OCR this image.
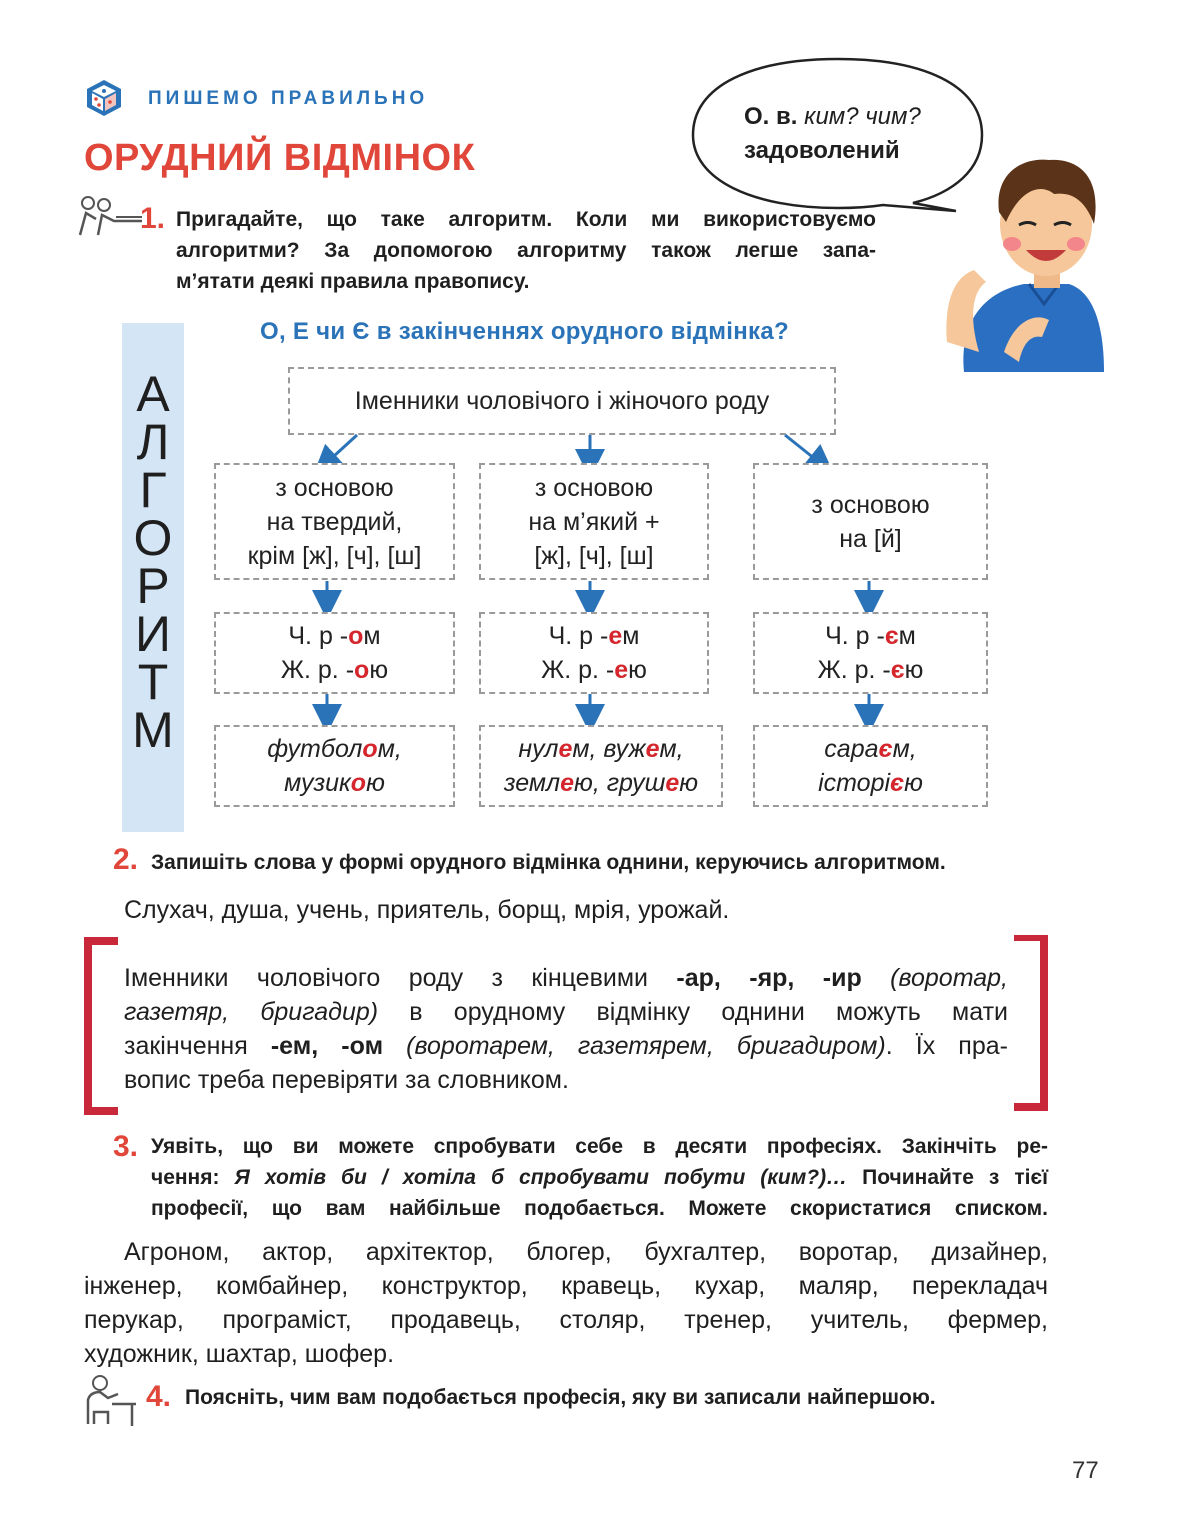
ПИШЕМО ПРАВИЛЬНО
ОРУДНИЙ ВІДМІНОК
О. в. ким? чим?
задоволений
1. Пригадайте, що таке алгоритм. Коли ми використовуємо
алгоритми? За допомогою алгоритму також легше запа-
м’ятати деякі правила правопису.
А
Л
Г
О
Р
И
Т
М
О, Е чи Є в закінченнях орудного відмінка?
Іменники чоловічого і жіночого роду
з основою
на твердий,
крім [ж], [ч], [ш]
з основою
на м’який +
[ж], [ч], [ш]
з основою
на [й]
Ч. р -ом
Ж. р. -ою
Ч. р -ем
Ж. р. -ею
Ч. р -єм
Ж. р. -єю
футболом,
музикою
нулем, вужем,
землею, грушею
сараєм,
історією
2. Запишіть слова у формі орудного відмінка однини, керуючись алгоритмом.
Слухач, душа, учень, приятель, борщ, мрія, урожай.
Іменники чоловічого роду з кінцевими -ар, -яр, -ир (воротар,
газетяр, бригадир) в орудному відмінку однини можуть мати
закінчення -ем, -ом (воротарем, газетярем, бригадиром). Їх пра-
вопис треба перевіряти за словником.
3. Уявіть, що ви можете спробувати себе в десяти професіях. Закінчіть ре-
чення: Я хотів би / хотіла б спробувати побути (ким?)… Починайте з тієї
професії, що вам найбільше подобається. Можете скористатися списком.
Агроном, актор, архітектор, блогер, бухгалтер, воротар, дизайнер,
інженер, комбайнер, конструктор, кравець, кухар, маляр, перекладач
перукар, програміст, продавець, столяр, тренер, учитель, фермер,
художник, шахтар, шофер.
4. Поясніть, чим вам подобається професія, яку ви записали найпершою.
77
